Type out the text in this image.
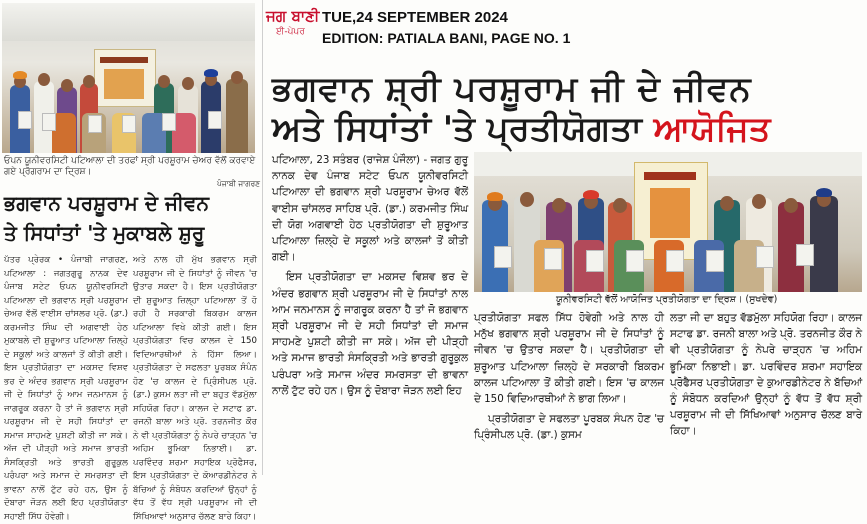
ਓਪਨ ਯੂਨੀਵਰਸਿਟੀ ਪਟਿਆਲਾ ਦੀ ਤਰਫਾਂ ਸ੍ਰੀ ਪਰਸ਼ੂਰਾਮ ਚੇਅਰ ਵੱਲੋਂ ਕਰਵਾਏ ਗਏ ਪ੍ਰੋਗਰਾਮ ਦਾ ਦ੍ਰਿਸ਼।
ਪੰਜਾਬੀ ਜਾਗਰਣ
ਭਗਵਾਨ ਪਰਸ਼ੂਰਾਮ ਦੇ ਜੀਵਨ
ਤੇ ਸਿਧਾਂਤਾਂ 'ਤੇ ਮੁਕਾਬਲੇ ਸ਼ੁਰੂ
ਪੱਤਰ ਪ੍ਰੇਰਕ • ਪੰਜਾਬੀ ਜਾਗਰਣ, ਪਟਿਆਲਾ : ਜਗਤਗੁਰੂ ਨਾਨਕ ਦੇਵ ਪੰਜਾਬ ਸਟੇਟ ਓਪਨ ਯੂਨੀਵਰਸਿਟੀ ਪਟਿਆਲਾ ਦੀ ਭਗਵਾਨ ਸ੍ਰੀ ਪਰਸ਼ੂਰਾਮ ਚੇਅਰ ਵੱਲੋਂ ਵਾਈਸ ਚਾਂਸਲਰ ਪ੍ਰੋ. (ਡਾ.) ਕਰਮਜੀਤ ਸਿੰਘ ਦੀ ਅਗਵਾਈ ਹੇਠ ਮੁਕਾਬਲੇ ਦੀ ਸ਼ੁਰੂਆਤ ਪਟਿਆਲਾ ਜ਼ਿਲ੍ਹੇ ਦੇ ਸਕੂਲਾਂ ਅਤੇ ਕਾਲਜਾਂ ਤੋਂ ਕੀਤੀ ਗਈ। ਇਸ ਪ੍ਰਤੀਯੋਗਤਾ ਦਾ ਮਕਸਦ ਵਿਸ਼ਵ ਭਰ ਦੇ ਅੰਦਰ ਭਗਵਾਨ ਸ੍ਰੀ ਪਰਸ਼ੂਰਾਮ ਜੀ ਦੇ ਸਿਧਾਂਤਾਂ ਨੂੰ ਆਮ ਜਨਮਾਨਸ ਨੂੰ ਜਾਗਰੂਕ ਕਰਨਾ ਹੈ ਤਾਂ ਜੋ ਭਗਵਾਨ ਸ੍ਰੀ ਪਰਸ਼ੂਰਾਮ ਜੀ ਦੇ ਸਹੀ ਸਿਧਾਂਤਾਂ ਦਾ ਸਮਾਜ ਸਾਹਮਣੇ ਪੁਸ਼ਟੀ ਕੀਤੀ ਜਾ ਸਕੇ। ਅੱਜ ਦੀ ਪੀੜ੍ਹੀ ਅਤੇ ਸਮਾਜ ਭਾਰਤੀ ਸੰਸਕ੍ਰਿਤੀ ਅਤੇ ਭਾਰਤੀ ਗੁਰੂਕੁਲ ਪਰੰਪਰਾ ਅਤੇ ਸਮਾਜ ਦੇ ਸਮਰਸਤਾ ਦੀ ਭਾਵਨਾ ਨਾਲੋਂ ਟੁੱਟ ਰਹੇ ਹਨ, ਉਸ ਨੂੰ ਦੋਬਾਰਾ ਜੋੜਨ ਲਈ ਇਹ ਪ੍ਰਤੀਯੋਗਤਾ ਸਹਾਈ ਸਿੱਧ ਹੋਵੇਗੀ।
ਅਤੇ ਨਾਲ ਹੀ ਮੁੱਖ ਭਗਵਾਨ ਸ੍ਰੀ ਪਰਸ਼ੂਰਾਮ ਜੀ ਦੇ ਸਿਧਾਂਤਾਂ ਨੂੰ ਜੀਵਨ 'ਚ ਉਤਾਰ ਸਕਦਾ ਹੈ। ਇਸ ਪ੍ਰਤੀਯੋਗਤਾ ਦੀ ਸ਼ੁਰੂਆਤ ਜ਼ਿਲ੍ਹਾ ਪਟਿਆਲਾ ਤੋਂ ਹੋ ਰਹੀ ਹੈ ਸਰਕਾਰੀ ਬਿਕਰਮ ਕਾਲਜ ਪਟਿਆਲਾ ਵਿਖੇ ਕੀਤੀ ਗਈ। ਇਸ ਪ੍ਰਤੀਯੋਗਤਾ ਵਿਚ ਕਾਲਜ ਦੇ 150 ਵਿਦਿਆਰਥੀਆਂ ਨੇ ਹਿੱਸਾ ਲਿਆ। ਪ੍ਰਤੀਯੋਗਤਾ ਦੇ ਸਫਲਤਾ ਪੂਰਬਕ ਸੰਪੰਨ ਹੋਣ 'ਚ ਕਾਲਜ ਦੇ ਪ੍ਰਿੰਸੀਪਲ ਪ੍ਰੋ. (ਡਾ.) ਕੁਸਮ ਲਤਾ ਜੀ ਦਾ ਬਹੁਤ ਵੱਡਮੁੱਲਾ ਸਹਿਯੋਗ ਰਿਹਾ। ਕਾਲਜ ਦੇ ਸਟਾਫ ਡਾ. ਰਜਨੀ ਬਾਲਾ ਅਤੇ ਪ੍ਰੋ. ਤਰਨਜੀਤ ਕੌਰ ਨੇ ਵੀ ਪ੍ਰਤੀਯੋਗਤਾ ਨੂੰ ਨੇਪਰੇ ਚਾੜ੍ਹਨ 'ਚ ਅਹਿਮ ਭੂਮਿਕਾ ਨਿਭਾਈ। ਡਾ. ਪਰਵਿੰਦਰ ਸ਼ਰਮਾ ਸਹਾਇਕ ਪ੍ਰੋਫੈਸਰ, ਇਸ ਪ੍ਰਤੀਯੋਗਤਾ ਦੇ ਕੋਆਰਡੀਨੇਟਰ ਨੇ ਬੱਚਿਆਂ ਨੂੰ ਸੰਬੋਧਨ ਕਰਦਿਆਂ ਉਨ੍ਹਾਂ ਨੂੰ ਵੱਧ ਤੋਂ ਵੱਧ ਸ੍ਰੀ ਪਰਸ਼ੂਰਾਮ ਜੀ ਦੀ ਸਿੱਖਿਆਵਾਂ ਅਨੁਸਾਰ ਚੱਲਣ ਬਾਰੇ ਕਿਹਾ।
ਜਗ ਬਾਣੀ
ਈ-ਪੇਪਰ
TUE,24 SEPTEMBER 2024
EDITION: PATIALA BANI, PAGE NO. 1
ਭਗਵਾਨ ਸ਼੍ਰੀ ਪਰਸ਼ੂਰਾਮ ਜੀ ਦੇ ਜੀਵਨ
ਅਤੇ ਸਿਧਾਂਤਾਂ 'ਤੇ ਪ੍ਰਤੀਯੋਗਤਾ ਆਯੋਜਿਤ

ਪਟਿਆਲਾ, 23 ਸਤੰਬਰ (ਰਾਜੇਸ਼ ਪੰਜੌਲਾ) - ਜਗਤ ਗੁਰੂ ਨਾਨਕ ਦੇਵ ਪੰਜਾਬ ਸਟੇਟ ਓਪਨ ਯੂਨੀਵਰਸਿਟੀ ਪਟਿਆਲਾ ਦੀ ਭਗਵਾਨ ਸ਼੍ਰੀ ਪਰਸ਼ੂਰਾਮ ਚੇਅਰ ਵੱਲੋਂ ਵਾਈਸ ਚਾਂਸਲਰ ਸਾਹਿਬ ਪ੍ਰੋ. (ਡਾ.) ਕਰਮਜੀਤ ਸਿੰਘ ਦੀ ਯੋਗ ਅਗਵਾਈ ਹੇਠ ਪ੍ਰਤੀਯੋਗਤਾ ਦੀ ਸ਼ੁਰੂਆਤ ਪਟਿਆਲਾ ਜ਼ਿਲ੍ਹੇ ਦੇ ਸਕੂਲਾਂ ਅਤੇ ਕਾਲਜਾਂ ਤੋਂ ਕੀਤੀ ਗਈ।

ਇਸ ਪ੍ਰਤੀਯੋਗਤਾ ਦਾ ਮਕਸਦ ਵਿਸ਼ਵ ਭਰ ਦੇ ਅੰਦਰ ਭਗਵਾਨ ਸ਼੍ਰੀ ਪਰਸ਼ੂਰਾਮ ਜੀ ਦੇ ਸਿਧਾਂਤਾਂ ਨਾਲ ਆਮ ਜਨਮਾਨਸ ਨੂੰ ਜਾਗਰੂਕ ਕਰਨਾ ਹੈ ਤਾਂ ਜੋ ਭਗਵਾਨ ਸ਼੍ਰੀ ਪਰਸ਼ੂਰਾਮ ਜੀ ਦੇ ਸਹੀ ਸਿਧਾਂਤਾਂ ਦੀ ਸਮਾਜ ਸਾਹਮਣੇ ਪੁਸ਼ਟੀ ਕੀਤੀ ਜਾ ਸਕੇ। ਅੱਜ ਦੀ ਪੀੜ੍ਹੀ ਅਤੇ ਸਮਾਜ ਭਾਰਤੀ ਸੰਸਕ੍ਰਿਤੀ ਅਤੇ ਭਾਰਤੀ ਗੁਰੂਕੁਲ ਪਰੰਪਰਾ ਅਤੇ ਸਮਾਜ ਅੰਦਰ ਸਮਰਸਤਾ ਦੀ ਭਾਵਨਾ ਨਾਲੋਂ ਟੁੱਟ ਰਹੇ ਹਨ। ਉਸ ਨੂੰ ਦੋਬਾਰਾ ਜੋੜਨ ਲਈ ਇਹ

ਯੂਨੀਵਰਸਿਟੀ ਵੱਲੋਂ ਆਯੋਜਿਤ ਪ੍ਰਤੀਯੋਗਤਾ ਦਾ ਦ੍ਰਿਸ਼। (ਸੁਖਦੇਵ)

ਪ੍ਰਤੀਯੋਗਤਾ ਸਫਲ ਸਿੱਧ ਹੋਵੇਗੀ ਅਤੇ ਨਾਲ ਹੀ ਮਨੁੱਖ ਭਗਵਾਨ ਸ਼੍ਰੀ ਪਰਸ਼ੂਰਾਮ ਜੀ ਦੇ ਸਿਧਾਂਤਾਂ ਨੂੰ ਜੀਵਨ 'ਚ ਉਤਾਰ ਸਕਦਾ ਹੈ। ਪ੍ਰਤੀਯੋਗਤਾ ਦੀ ਸ਼ੁਰੂਆਤ ਪਟਿਆਲਾ ਜ਼ਿਲ੍ਹੇ ਦੇ ਸਰਕਾਰੀ ਬਿਕਰਮ ਕਾਲਜ ਪਟਿਆਲਾ ਤੋਂ ਕੀਤੀ ਗਈ। ਇਸ 'ਚ ਕਾਲਜ ਦੇ 150 ਵਿਦਿਆਰਥੀਆਂ ਨੇ ਭਾਗ ਲਿਆ।

ਪ੍ਰਤੀਯੋਗਤਾ ਦੇ ਸਫਲਤਾ ਪੂਰਬਕ ਸੰਪਨ ਹੋਣ 'ਚ ਪ੍ਰਿੰਸੀਪਲ ਪ੍ਰੋ. (ਡਾ.) ਕੁਸਮ

ਲਤਾ ਜੀ ਦਾ ਬਹੁਤ ਵੱਡਮੁੱਲਾ ਸਹਿਯੋਗ ਰਿਹਾ। ਕਾਲਜ ਸਟਾਫ ਡਾ. ਰਜਨੀ ਬਾਲਾ ਅਤੇ ਪ੍ਰੋ. ਤਰਨਜੀਤ ਕੌਰ ਨੇ ਵੀ ਪ੍ਰਤੀਯੋਗਤਾ ਨੂੰ ਨੇਪਰੇ ਚਾੜ੍ਹਨ 'ਚ ਅਹਿਮ ਭੂਮਿਕਾ ਨਿਭਾਈ। ਡਾ. ਪਰਵਿੰਦਰ ਸ਼ਰਮਾ ਸਹਾਇਕ ਪ੍ਰੋਫੈਸਰ ਪ੍ਰਤੀਯੋਗਤਾ ਦੇ ਕੁਆਰਡੀਨੇਟਰ ਨੇ ਬੱਚਿਆਂ ਨੂੰ ਸੰਬੋਧਨ ਕਰਦਿਆਂ ਉਨ੍ਹਾਂ ਨੂੰ ਵੱਧ ਤੋਂ ਵੱਧ ਸ਼੍ਰੀ ਪਰਸ਼ੂਰਾਮ ਜੀ ਦੀ ਸਿੱਖਿਆਵਾਂ ਅਨੁਸਾਰ ਚੱਲਣ ਬਾਰੇ ਕਿਹਾ।
